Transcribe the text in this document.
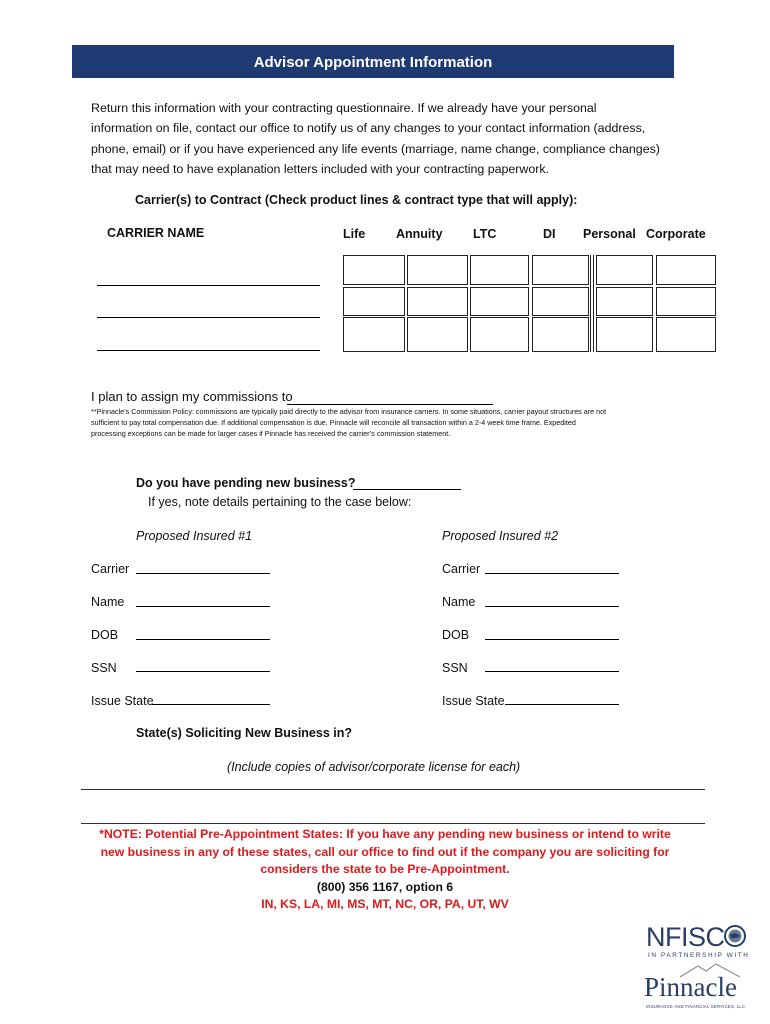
Advisor Appointment Information
Return this information with your contracting questionnaire. If we already have your personal
information on file, contact our office to notify us of any changes to your contact information (address,
phone, email) or if you have experienced any life events (marriage, name change, compliance changes)
that may need to have explanation letters included with your contracting paperwork.
Carrier(s) to Contract (Check product lines & contract type that will apply):
CARRIER NAME	Life Annuity LTC	DI Personal Corporate
I plan to assign my commissions to
**Pinnacle’s Commission Policy: commissions are typically paid directly to the advisor from insurance carriers. In some situations, carrier payout structures are not
sufficient to pay total compensation due. If additional compensation is due, Pinnacle will reconcile all transaction within a 2-4 week time frame. Expedited
processing exceptions can be made for larger cases if Pinnacle has received the carrier’s commission statement.
Do you have pending new business?
If yes, note details pertaining to the case below:
Proposed Insured #1	Proposed Insured #2
Carrier
Name
DOB
SSN
Issue State
Carrier
Name
DOB
SSN
Issue State
State(s) Soliciting New Business in?
(Include copies of advisor/corporate license for each)
*NOTE: Potential Pre-Appointment States: If you have any pending new business or intend to write
new business in any of these states, call our office to find out if the company you are soliciting for
considers the state to be Pre-Appointment.
(800) 356 1167, option 6
IN, KS, LA, MI, MS, MT, NC, OR, PA, UT, WV
NFISC
IN PARTNERSHIP WITH
Pinnacle
INSURANCE AND FINANCIAL SERVICES, LLC
